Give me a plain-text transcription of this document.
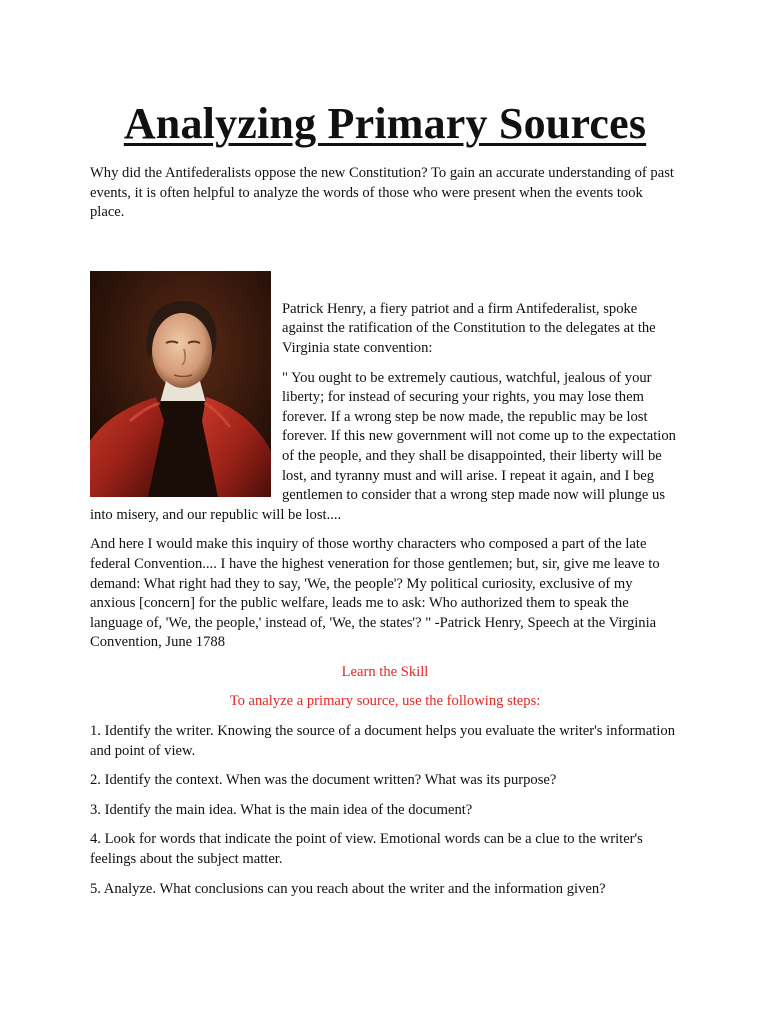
Analyzing Primary Sources

Why did the Antifederalists oppose the new Constitution? To gain an accurate understanding of past events, it is often helpful to analyze the words of those who were present when the events took place.

Patrick Henry, a fiery patriot and a firm Antifederalist, spoke against the ratification of the Constitution to the delegates at the Virginia state convention:

" You ought to be extremely cautious, watchful, jealous of your liberty; for instead of securing your rights, you may lose them forever. If a wrong step be now made, the republic may be lost forever. If this new government will not come up to the expectation of the people, and they shall be disappointed, their liberty will be lost, and tyranny must and will arise. I repeat it again, and I beg gentlemen to consider that a wrong step made now will plunge us into misery, and our republic will be lost....

And here I would make this inquiry of those worthy characters who composed a part of the late federal Convention.... I have the highest veneration for those gentlemen; but, sir, give me leave to demand: What right had they to say, 'We, the people'? My political curiosity, exclusive of my anxious [concern] for the public welfare, leads me to ask: Who authorized them to speak the language of, 'We, the people,' instead of, 'We, the states'? " -Patrick Henry, Speech at the Virginia Convention, June 1788

Learn the Skill

To analyze a primary source, use the following steps:

1. Identify the writer. Knowing the source of a document helps you evaluate the writer's information and point of view.

2. Identify the context. When was the document written? What was its purpose?

3. Identify the main idea. What is the main idea of the document?

4. Look for words that indicate the point of view. Emotional words can be a clue to the writer's feelings about the subject matter.

5. Analyze. What conclusions can you reach about the writer and the information given?
